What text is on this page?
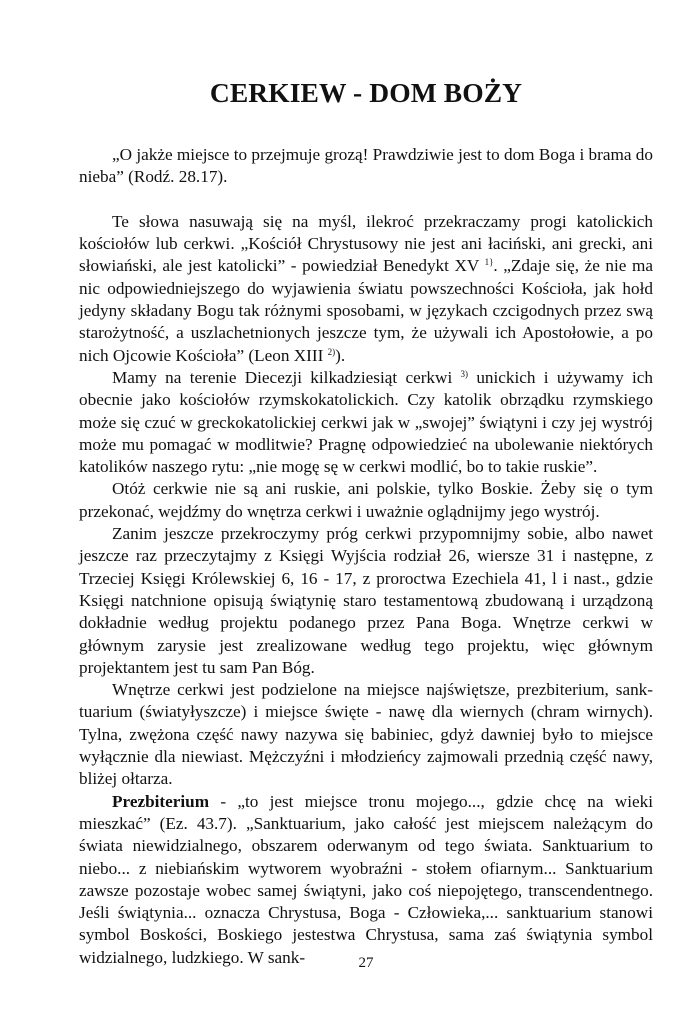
CERKIEW - DOM BOŻY

„O jakże miejsce to przejmuje grozą! Prawdziwie jest to dom Boga i brama do nieba” (Rodź. 28.17).

Te słowa nasuwają się na myśl, ilekroć przekraczamy progi katolickich kościołów lub cerkwi. „Kościół Chrystusowy nie jest ani łaciński, ani grecki, ani słowiański, ale jest katolicki” - powiedział Benedykt XV $^{1\}}$. „Zdaje się, że nie ma nic odpowiedniejszego do wyjawienia światu powszechności Kościoła, jak hołd jedyny składany Bogu tak różnymi sposobami, w językach czcigodnych przez swą starożytność, a uszlachetnionych jeszcze tym, że używali ich Apostołowie, a po nich Ojcowie Kościoła” (Leon XIII $^{2)}$).

Mamy na terenie Diecezji kilkadziesiąt cerkwi $^{3)}$ unickich i używamy ich obecnie jako kościołów rzymskokatolickich. Czy katolik obrządku rzymskiego może się czuć w greckokatolickiej cerkwi jak w „swojej” świątyni i czy jej wystrój może mu pomagać w modlitwie? Pragnę odpowiedzieć na ubolewanie niektórych katolików naszego rytu: „nie mogę sę w cerkwi modlić, bo to takie ruskie”.

Otóż cerkwie nie są ani ruskie, ani polskie, tylko Boskie. Żeby się o tym przekonać, wejdźmy do wnętrza cerkwi i uważnie oglądnijmy jego wystrój.

Zanim jeszcze przekroczymy próg cerkwi przypomnijmy sobie, albo nawet jeszcze raz przeczytajmy z Księgi Wyjścia rodział 26, wiersze 31 i następne, z Trzeciej Księgi Królewskiej 6, 16 - 17, z proroctwa Ezechiela 41, l i nast., gdzie Księgi natchnione opisują świątynię staro testamentową zbudowaną i urządzoną dokładnie według projektu podanego przez Pana Boga. Wnętrze cerkwi w głównym zarysie jest zrealizowane według tego projektu, więc głównym projektantem jest tu sam Pan Bóg.

Wnętrze cerkwi jest podzielone na miejsce najświętsze, prezbiterium, sanktuarium (światyłyszcze) i miejsce święte - nawę dla wiernych (chram wirnych). Tylna, zwężona część nawy nazywa się babiniec, gdyż dawniej było to miejsce wyłącznie dla niewiast. Mężczyźni i młodzieńcy zajmowali przednią część nawy, bliżej ołtarza.

Prezbiterium - „to jest miejsce tronu mojego..., gdzie chcę na wieki mieszkać” (Ez. 43.7). „Sanktuarium, jako całość jest miejscem należącym do świata niewidzialnego, obszarem oderwanym od tego świata. Sanktuarium to niebo... z niebiańskim wytworem wyobraźni - stołem ofiarnym... Sanktuarium zawsze pozostaje wobec samej świątyni, jako coś niepojętego, transcendentnego. Jeśli świątynia... oznacza Chrystusa, Boga - Człowieka,... sanktuarium stanowi symbol Boskości, Boskiego jestestwa Chrystusa, sama zaś świątynia symbol widzialnego, ludzkiego. W sank-	27
